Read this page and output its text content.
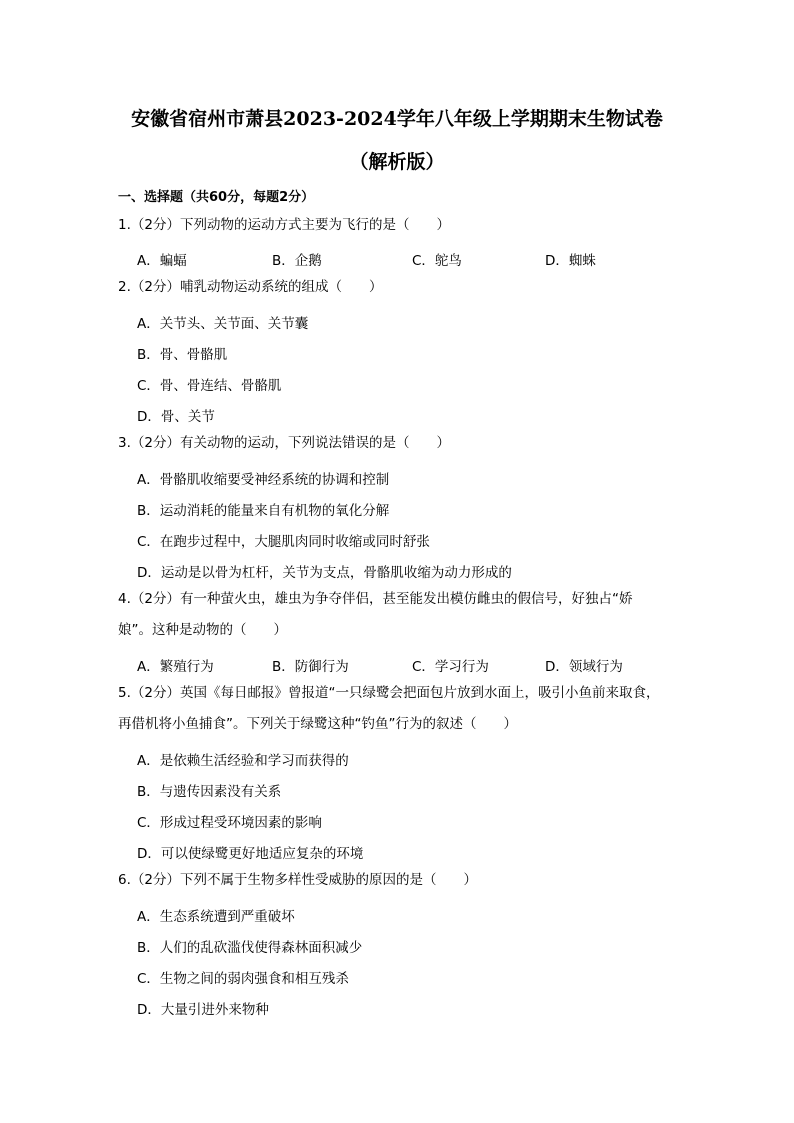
安徽省宿州市萧县2023-2024学年八年级上学期期末生物试卷
（解析版）
一、选择题（共60分，每题2分）
1.（2分）下列动物的运动方式主要为飞行的是（　　）
A．蝙蝠	B．企鹅	C．鸵鸟	D．蜘蛛
2.（2分）哺乳动物运动系统的组成（　　）
A．关节头、关节面、关节囊
B．骨、骨骼肌
C．骨、骨连结、骨骼肌
D．骨、关节
3.（2分）有关动物的运动，下列说法错误的是（　　）
A．骨骼肌收缩要受神经系统的协调和控制
B．运动消耗的能量来自有机物的氧化分解
C．在跑步过程中，大腿肌肉同时收缩或同时舒张
D．运动是以骨为杠杆，关节为支点，骨骼肌收缩为动力形成的
4.（2分）有一种萤火虫，雄虫为争夺伴侣，甚至能发出模仿雌虫的假信号，好独占“娇
娘”。这种是动物的（　　）
A．繁殖行为	B．防御行为	C．学习行为	D．领域行为
5.（2分）英国《每日邮报》曾报道“一只绿鹭会把面包片放到水面上，吸引小鱼前来取食，
再借机将小鱼捕食”。下列关于绿鹭这种“钓鱼”行为的叙述（　　）
A．是依赖生活经验和学习而获得的
B．与遗传因素没有关系
C．形成过程受环境因素的影响
D．可以使绿鹭更好地适应复杂的环境
6.（2分）下列不属于生物多样性受威胁的原因的是（　　）
A．生态系统遭到严重破坏
B．人们的乱砍滥伐使得森林面积减少
C．生物之间的弱肉强食和相互残杀
D．大量引进外来物种
